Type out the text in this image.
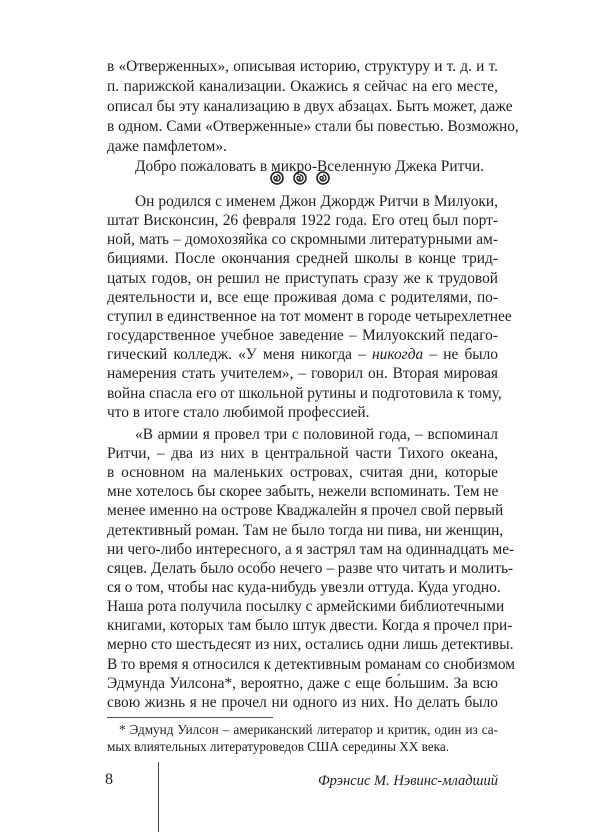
в «Отверженных», описывая историю, структуру и т. д. и т.
п. парижской канализации. Окажись я сейчас на его месте,
описал бы эту канализацию в двух абзацах. Быть может, даже
в одном. Сами «Отверженные» стали бы повестью. Возможно,
даже памфлетом».
Добро пожаловать в микро-Вселенную Джека Ритчи.
Он родился с именем Джон Джордж Ритчи в Милуоки,
штат Висконсин, 26 февраля 1922 года. Его отец был порт-
ной, мать – домохозяйка со скромными литературными ам-
бициями. После окончания средней школы в конце трид-
цатых годов, он решил не приступать сразу же к трудовой
деятельности и, все еще проживая дома с родителями, по-
ступил в единственное на тот момент в городе четырехлетнее
государственное учебное заведение – Милуокский педаго-
гический колледж. «У меня никогда – никогда – не было
намерения стать учителем», – говорил он. Вторая мировая
война спасла его от школьной рутины и подготовила к тому,
что в итоге стало любимой профессией.
«В армии я провел три с половиной года, – вспоминал
Ритчи, – два из них в центральной части Тихого океана,
в основном на маленьких островах, считая дни, которые
мне хотелось бы скорее забыть, нежели вспоминать. Тем не
менее именно на острове Кваджалейн я прочел свой первый
детективный роман. Там не было тогда ни пива, ни женщин,
ни чего-либо интересного, а я застрял там на одиннадцать ме-
сяцев. Делать было особо нечего – разве что читать и молить-
ся о том, чтобы нас куда-нибудь увезли оттуда. Куда угодно.
Наша рота получила посылку с армейскими библиотечными
книгами, которых там было штук двести. Когда я прочел при-
мерно сто шестьдесят из них, остались одни лишь детективы.
В то время я относился к детективным романам со снобизмом
Эдмунда Уилсона*, вероятно, даже с еще бо́льшим. За всю
свою жизнь я не прочел ни одного из них. Но делать было
* Эдмунд Уилсон – американский литератор и критик, один из са-
мых влиятельных литературоведов США середины XX века.
8	Фрэнсис М. Нэвинс-младший
